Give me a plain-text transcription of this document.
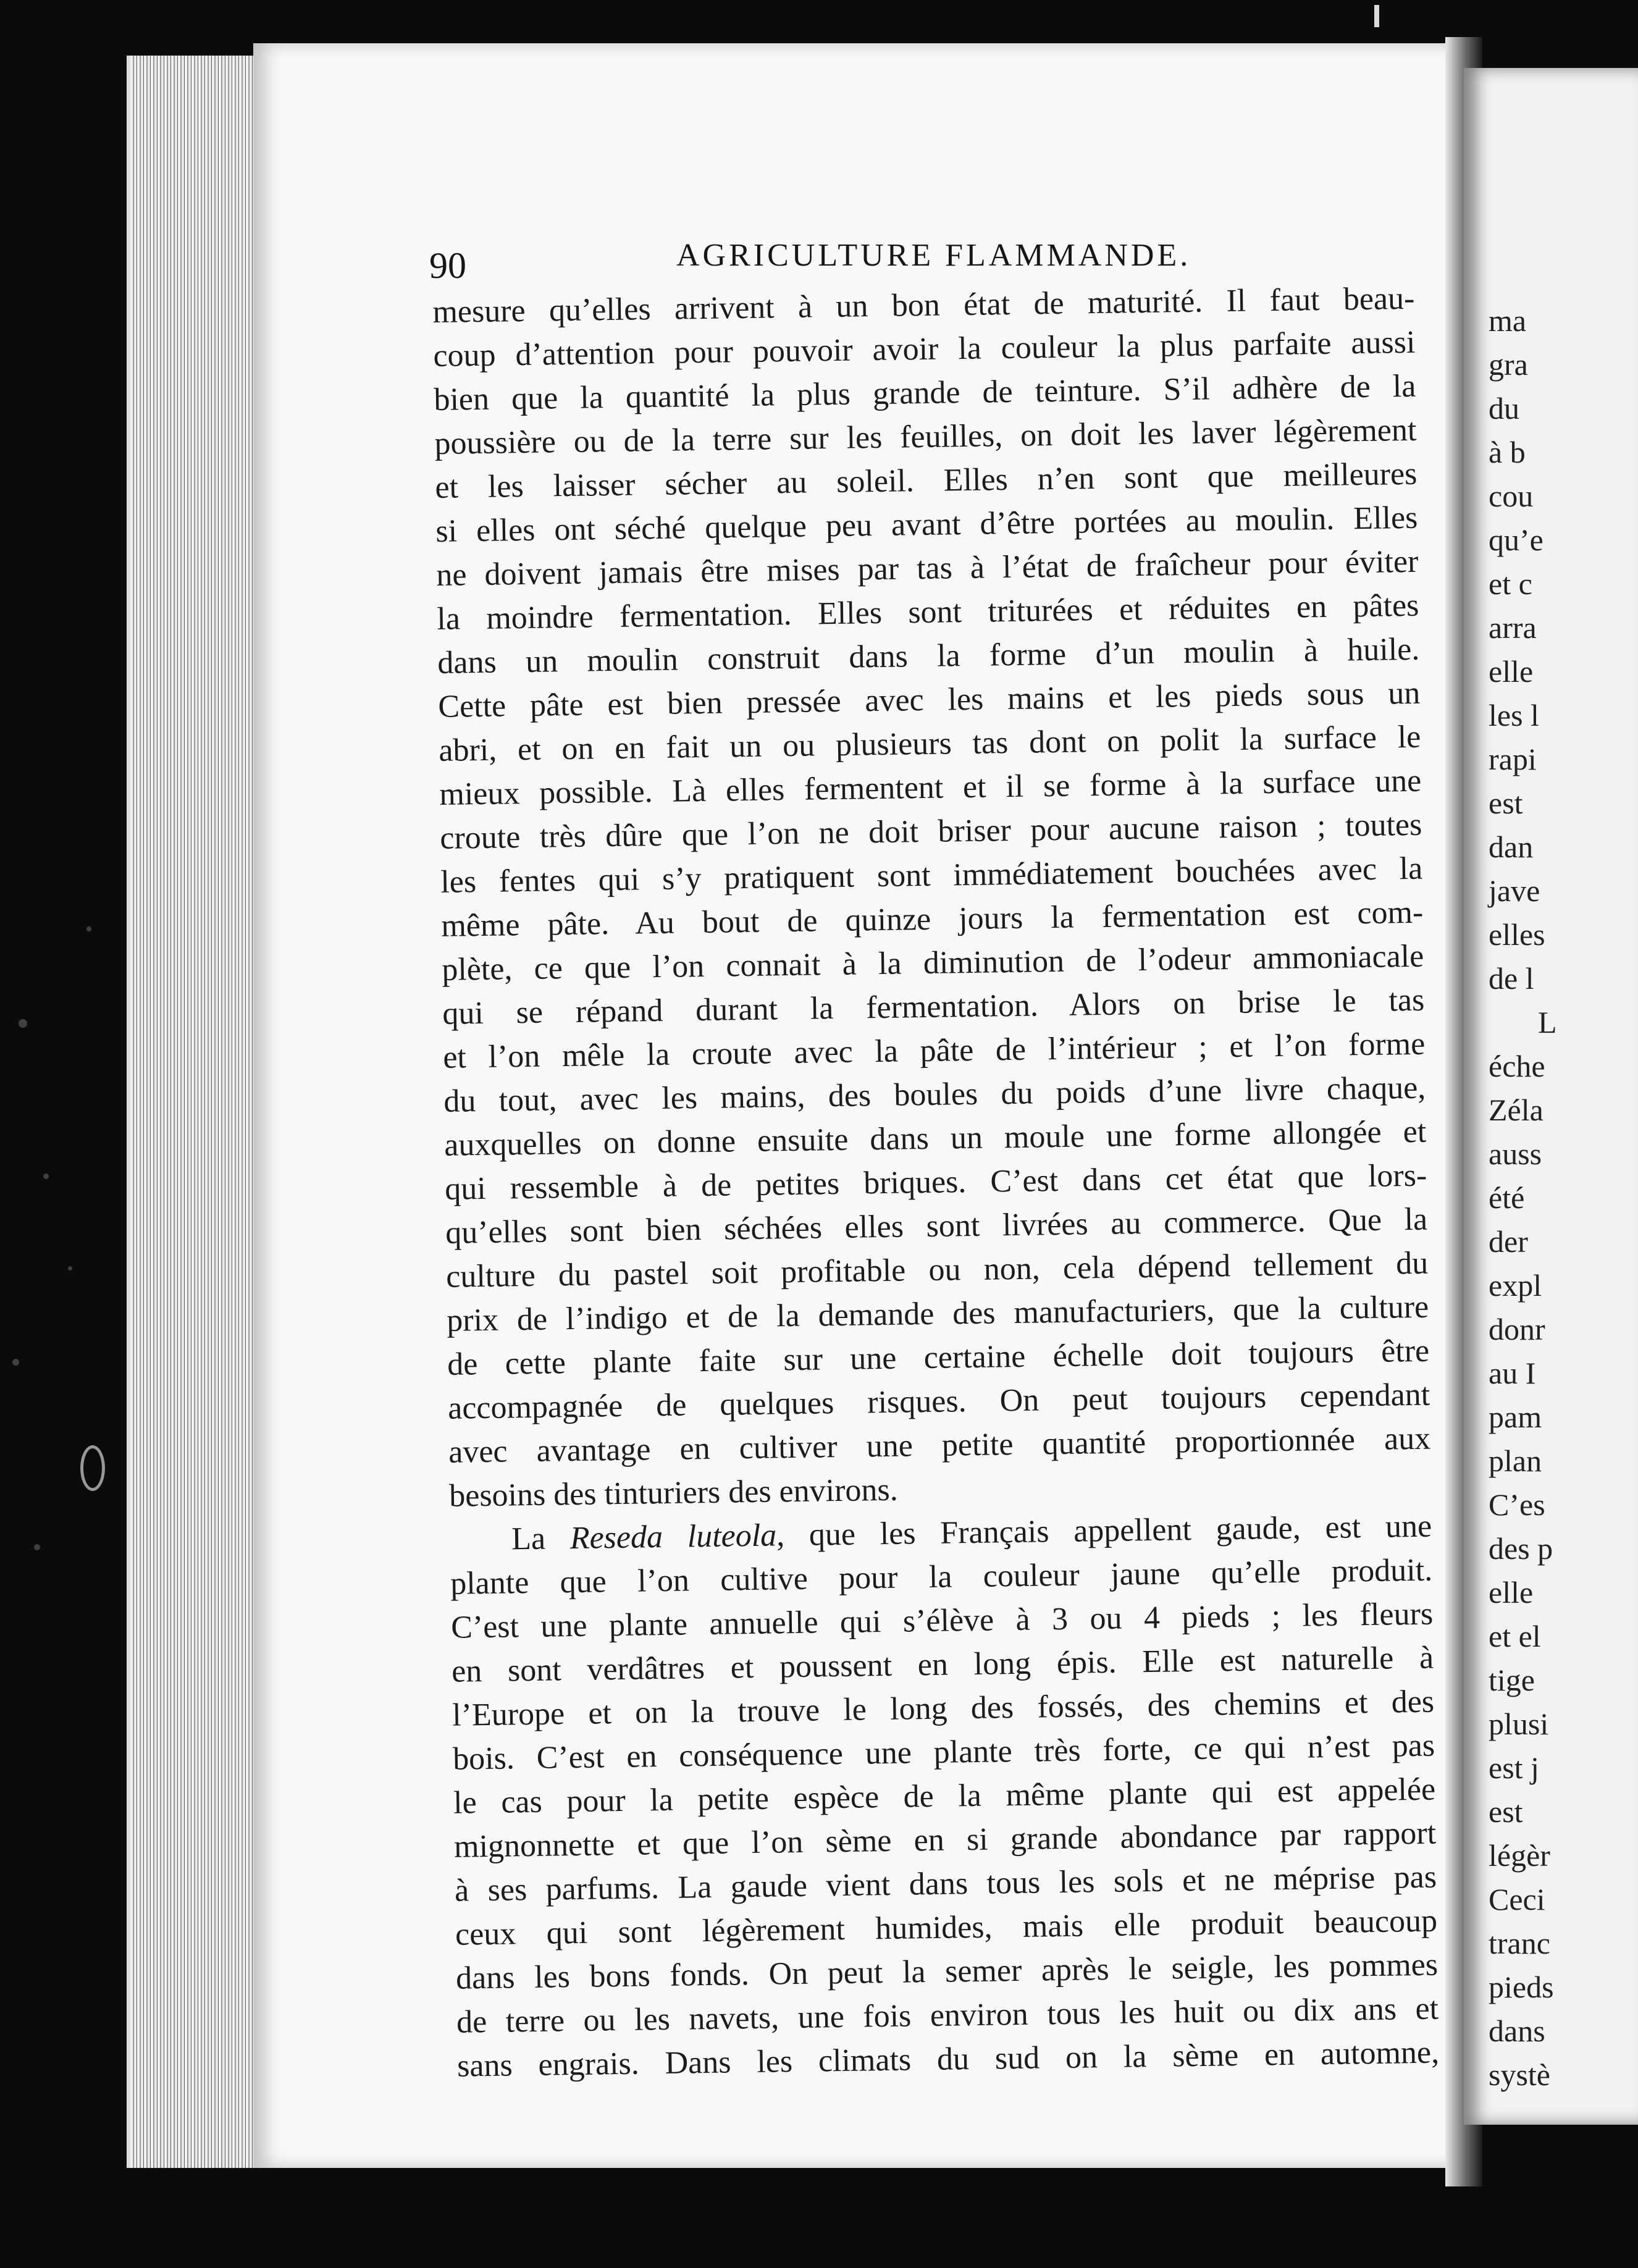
ma
gra
du
à b
cou
qu’e
et c
arra
elle
les l
rapi
est
dan
jave
elles
de l
L
éche
Zéla
auss
été
der
expl
donr
au I
pam
plan
C’es
des p
elle
et el
tige
plusi
est j
est
légèr
Ceci
tranc
pieds
dans
systè
90	AGRICULTURE FLAMMANDE.
mesure qu’elles arrivent à un bon état de maturité. Il faut beau-
coup d’attention pour pouvoir avoir la couleur la plus parfaite aussi
bien que la quantité la plus grande de teinture. S’il adhère de la
poussière ou de la terre sur les feuilles, on doit les laver légèrement
et les laisser sécher au soleil. Elles n’en sont que meilleures
si elles ont séché quelque peu avant d’être portées au moulin. Elles
ne doivent jamais être mises par tas à l’état de fraîcheur pour éviter
la moindre fermentation. Elles sont triturées et réduites en pâtes
dans un moulin construit dans la forme d’un moulin à huile.
Cette pâte est bien pressée avec les mains et les pieds sous un
abri, et on en fait un ou plusieurs tas dont on polit la surface le
mieux possible. Là elles fermentent et il se forme à la surface une
croute très dûre que l’on ne doit briser pour aucune raison ; toutes
les fentes qui s’y pratiquent sont immédiatement bouchées avec la
même pâte. Au bout de quinze jours la fermentation est com-
plète, ce que l’on connait à la diminution de l’odeur ammoniacale
qui se répand durant la fermentation. Alors on brise le tas
et l’on mêle la croute avec la pâte de l’intérieur ; et l’on forme
du tout, avec les mains, des boules du poids d’une livre chaque,
auxquelles on donne ensuite dans un moule une forme allongée et
qui ressemble à de petites briques. C’est dans cet état que lors-
qu’elles sont bien séchées elles sont livrées au commerce. Que la
culture du pastel soit profitable ou non, cela dépend tellement du
prix de l’indigo et de la demande des manufacturiers, que la culture
de cette plante faite sur une certaine échelle doit toujours être
accompagnée de quelques risques. On peut toujours cependant
avec avantage en cultiver une petite quantité proportionnée aux
besoins des tinturiers des environs.
La Reseda luteola, que les Français appellent gaude, est une
plante que l’on cultive pour la couleur jaune qu’elle produit.
C’est une plante annuelle qui s’élève à 3 ou 4 pieds ; les fleurs
en sont verdâtres et poussent en long épis. Elle est naturelle à
l’Europe et on la trouve le long des fossés, des chemins et des
bois. C’est en conséquence une plante très forte, ce qui n’est pas
le cas pour la petite espèce de la même plante qui est appelée
mignonnette et que l’on sème en si grande abondance par rapport
à ses parfums. La gaude vient dans tous les sols et ne méprise pas
ceux qui sont légèrement humides, mais elle produit beaucoup
dans les bons fonds. On peut la semer après le seigle, les pommes
de terre ou les navets, une fois environ tous les huit ou dix ans et
sans engrais. Dans les climats du sud on la sème en automne,
